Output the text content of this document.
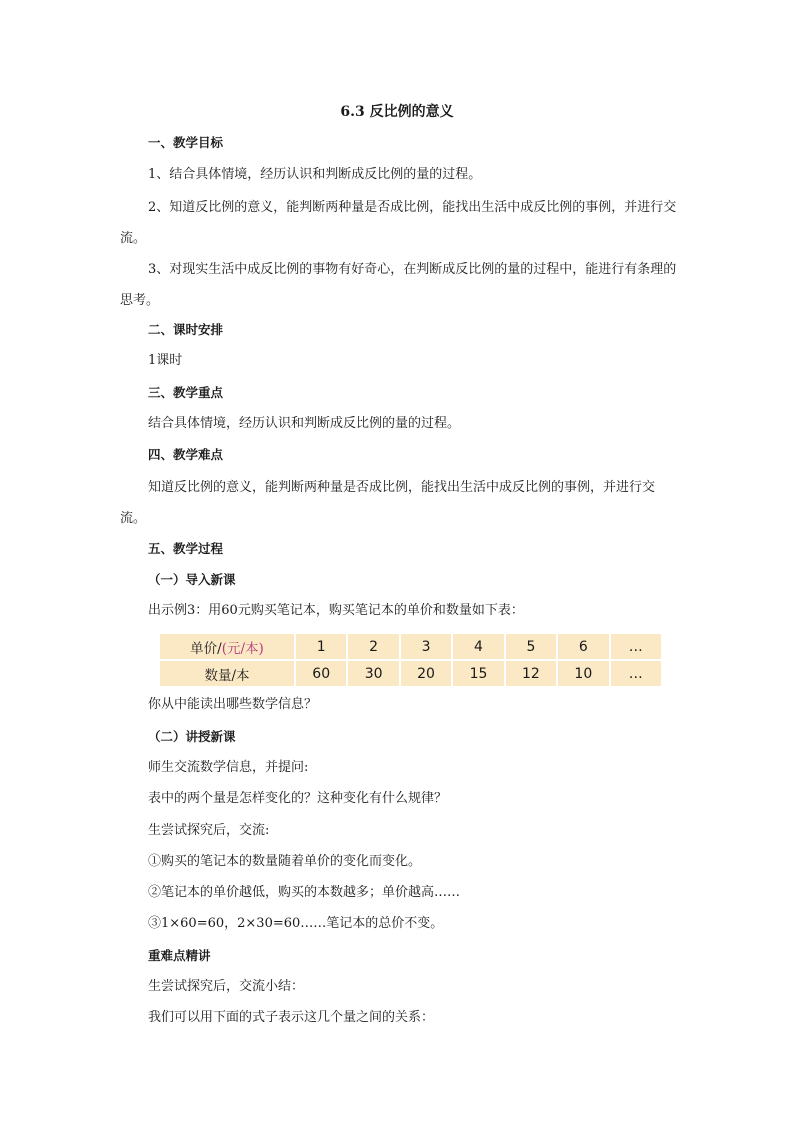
6.3 反比例的意义
一、教学目标
1、结合具体情境，经历认识和判断成反比例的量的过程。
2、知道反比例的意义，能判断两种量是否成比例，能找出生活中成反比例的事例，并进行交流。
3、对现实生活中成反比例的事物有好奇心，在判断成反比例的量的过程中，能进行有条理的思考。
二、课时安排
1课时
三、教学重点
结合具体情境，经历认识和判断成反比例的量的过程。
四、教学难点
知道反比例的意义，能判断两种量是否成比例，能找出生活中成反比例的事例，并进行交流。
五、教学过程
（一）导入新课
出示例3：用60元购买笔记本，购买笔记本的单价和数量如下表：
单价/(元/本)	1	2	3	4	5	6	…
数量/本	60	30	20	15	12	10	…
你从中能读出哪些数学信息？
（二）讲授新课
师生交流数学信息，并提问:
表中的两个量是怎样变化的？这种变化有什么规律？
生尝试探究后，交流:
①购买的笔记本的数量随着单价的变化而变化。
②笔记本的单价越低，购买的本数越多；单价越高……
③1×60=60，2×30=60……笔记本的总价不变。
重难点精讲
生尝试探究后，交流小结：
我们可以用下面的式子表示这几个量之间的关系：
